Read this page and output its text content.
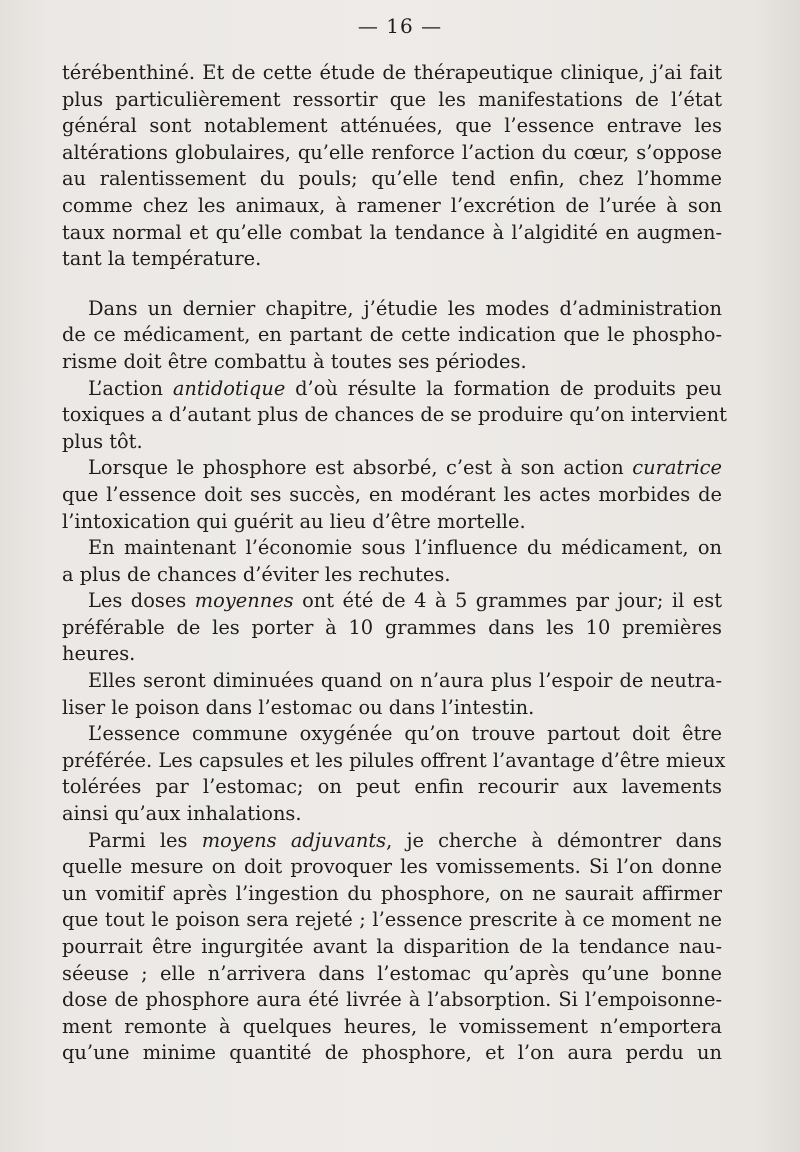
— 16 —
térébenthiné. Et de cette étude de thérapeutique clinique, j’ai fait
plus particulièrement ressortir que les manifestations de l’état
général sont notablement atténuées, que l’essence entrave les
altérations globulaires, qu’elle renforce l’action du cœur, s’oppose
au ralentissement du pouls; qu’elle tend enfin, chez l’homme
comme chez les animaux, à ramener l’excrétion de l’urée à son
taux normal et qu’elle combat la tendance à l’algidité en augmen-
tant la température.
Dans un dernier chapitre, j’étudie les modes d’administration
de ce médicament, en partant de cette indication que le phospho-
risme doit être combattu à toutes ses périodes.
L’action antidotique d’où résulte la formation de produits peu
toxiques a d’autant plus de chances de se produire qu’on intervient
plus tôt.
Lorsque le phosphore est absorbé, c’est à son action curatrice
que l’essence doit ses succès, en modérant les actes morbides de
l’intoxication qui guérit au lieu d’être mortelle.
En maintenant l’économie sous l’influence du médicament, on
a plus de chances d’éviter les rechutes.
Les doses moyennes ont été de 4 à 5 grammes par jour; il est
préférable de les porter à 10 grammes dans les 10 premières
heures.
Elles seront diminuées quand on n’aura plus l’espoir de neutra-
liser le poison dans l’estomac ou dans l’intestin.
L’essence commune oxygénée qu’on trouve partout doit être
préférée. Les capsules et les pilules offrent l’avantage d’être mieux
tolérées par l’estomac; on peut enfin recourir aux lavements
ainsi qu’aux inhalations.
Parmi les moyens adjuvants, je cherche à démontrer dans
quelle mesure on doit provoquer les vomissements. Si l’on donne
un vomitif après l’ingestion du phosphore, on ne saurait affirmer
que tout le poison sera rejeté ; l’essence prescrite à ce moment ne
pourrait être ingurgitée avant la disparition de la tendance nau-
séeuse ; elle n’arrivera dans l’estomac qu’après qu’une bonne
dose de phosphore aura été livrée à l’absorption. Si l’empoisonne-
ment remonte à quelques heures, le vomissement n’emportera
qu’une minime quantité de phosphore, et l’on aura perdu un
